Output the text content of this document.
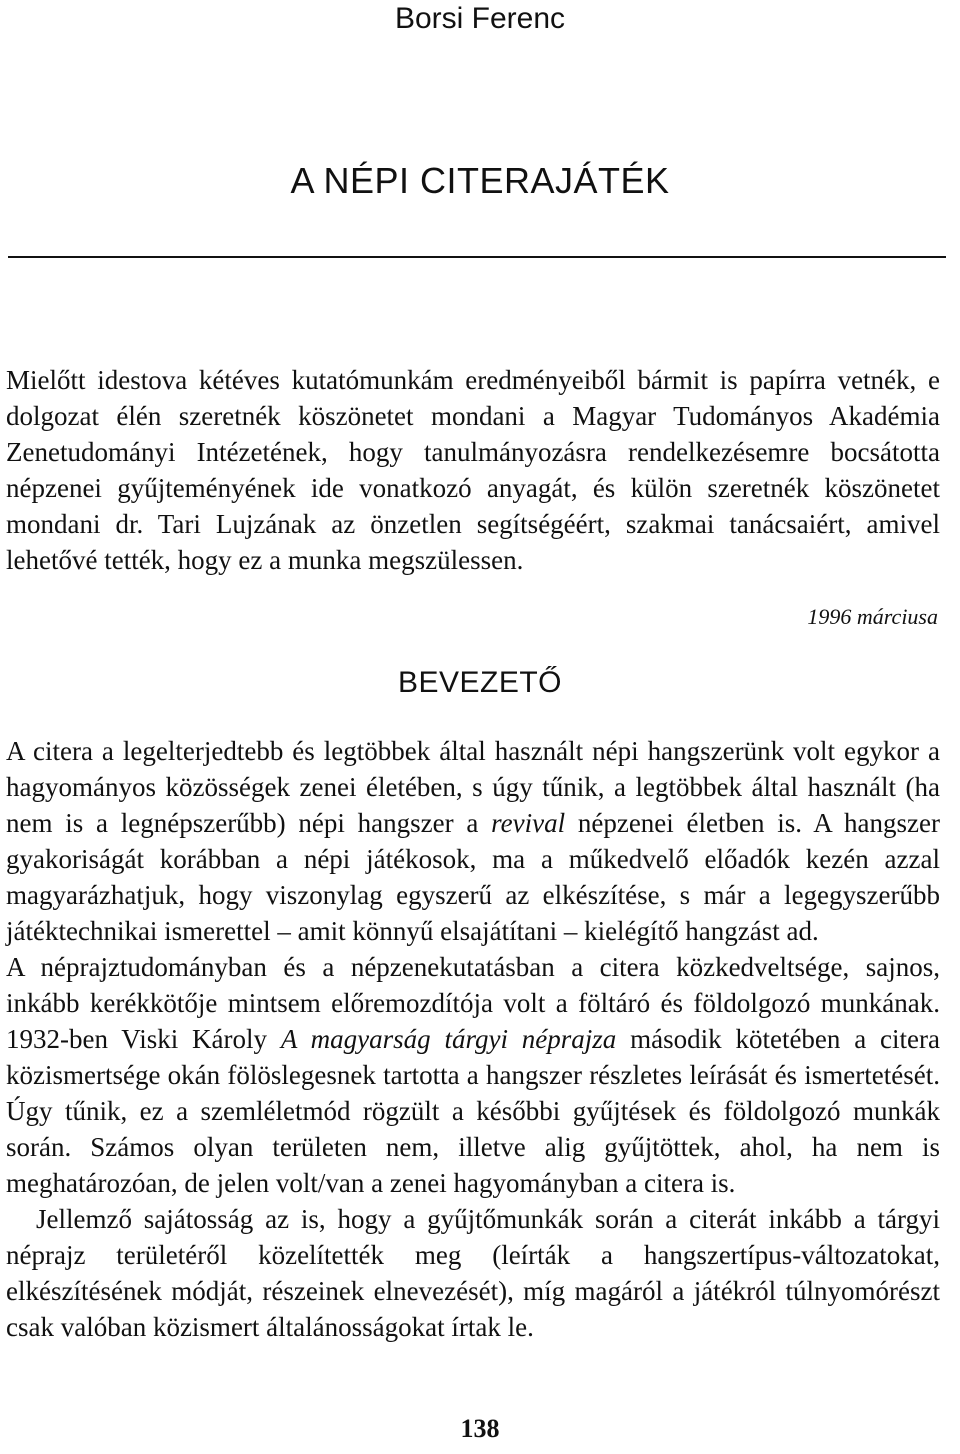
Borsi Ferenc
A NÉPI CITERAJÁTÉK
Mielőtt idestova kétéves kutatómunkám eredményeiből bármit is papírra vetnék, e dolgozat élén szeretnék köszönetet mondani a Magyar Tudományos Akadémia Zenetudományi Intézetének, hogy tanulmányozásra rendelkezésemre bocsátotta népzenei gyűjteményének ide vonatkozó anyagát, és külön szeretnék köszönetet mondani dr. Tari Lujzának az önzetlen segítségéért, szakmai tanácsaiért, amivel lehetővé tették, hogy ez a munka megszülessen.
1996 márciusa
BEVEZETŐ

A citera a legelterjedtebb és legtöbbek által használt népi hangszerünk volt egykor a hagyományos közösségek zenei életében, s úgy tűnik, a legtöbbek által használt (ha nem is a legnépszerűbb) népi hangszer a revival népzenei életben is. A hangszer gyakoriságát korábban a népi játékosok, ma a műkedvelő előadók kezén azzal magyarázhatjuk, hogy viszonylag egyszerű az elkészítése, s már a legegyszerűbb játéktechnikai ismerettel – amit könnyű elsajátítani – kielégítő hangzást ad.

A néprajztudományban és a népzenekutatásban a citera közkedveltsége, sajnos, inkább kerékkötője mintsem előremozdítója volt a föltáró és földolgozó munkának. 1932-ben Viski Károly A magyarság tárgyi néprajza második kötetében a citera közismertsége okán fölöslegesnek tartotta a hangszer részletes leírását és ismertetését. Úgy tűnik, ez a szemléletmód rögzült a későbbi gyűjtések és földolgozó munkák során. Számos olyan területen nem, illetve alig gyűjtöttek, ahol, ha nem is meghatározóan, de jelen volt/van a zenei hagyományban a citera is.

Jellemző sajátosság az is, hogy a gyűjtőmunkák során a citerát inkább a tárgyi néprajz területéről közelítették meg (leírták a hangszertípus-változatokat, elkészítésének módját, részeinek elnevezését), míg magáról a játékról túlnyomórészt csak valóban közismert általánosságokat írtak le.

138
